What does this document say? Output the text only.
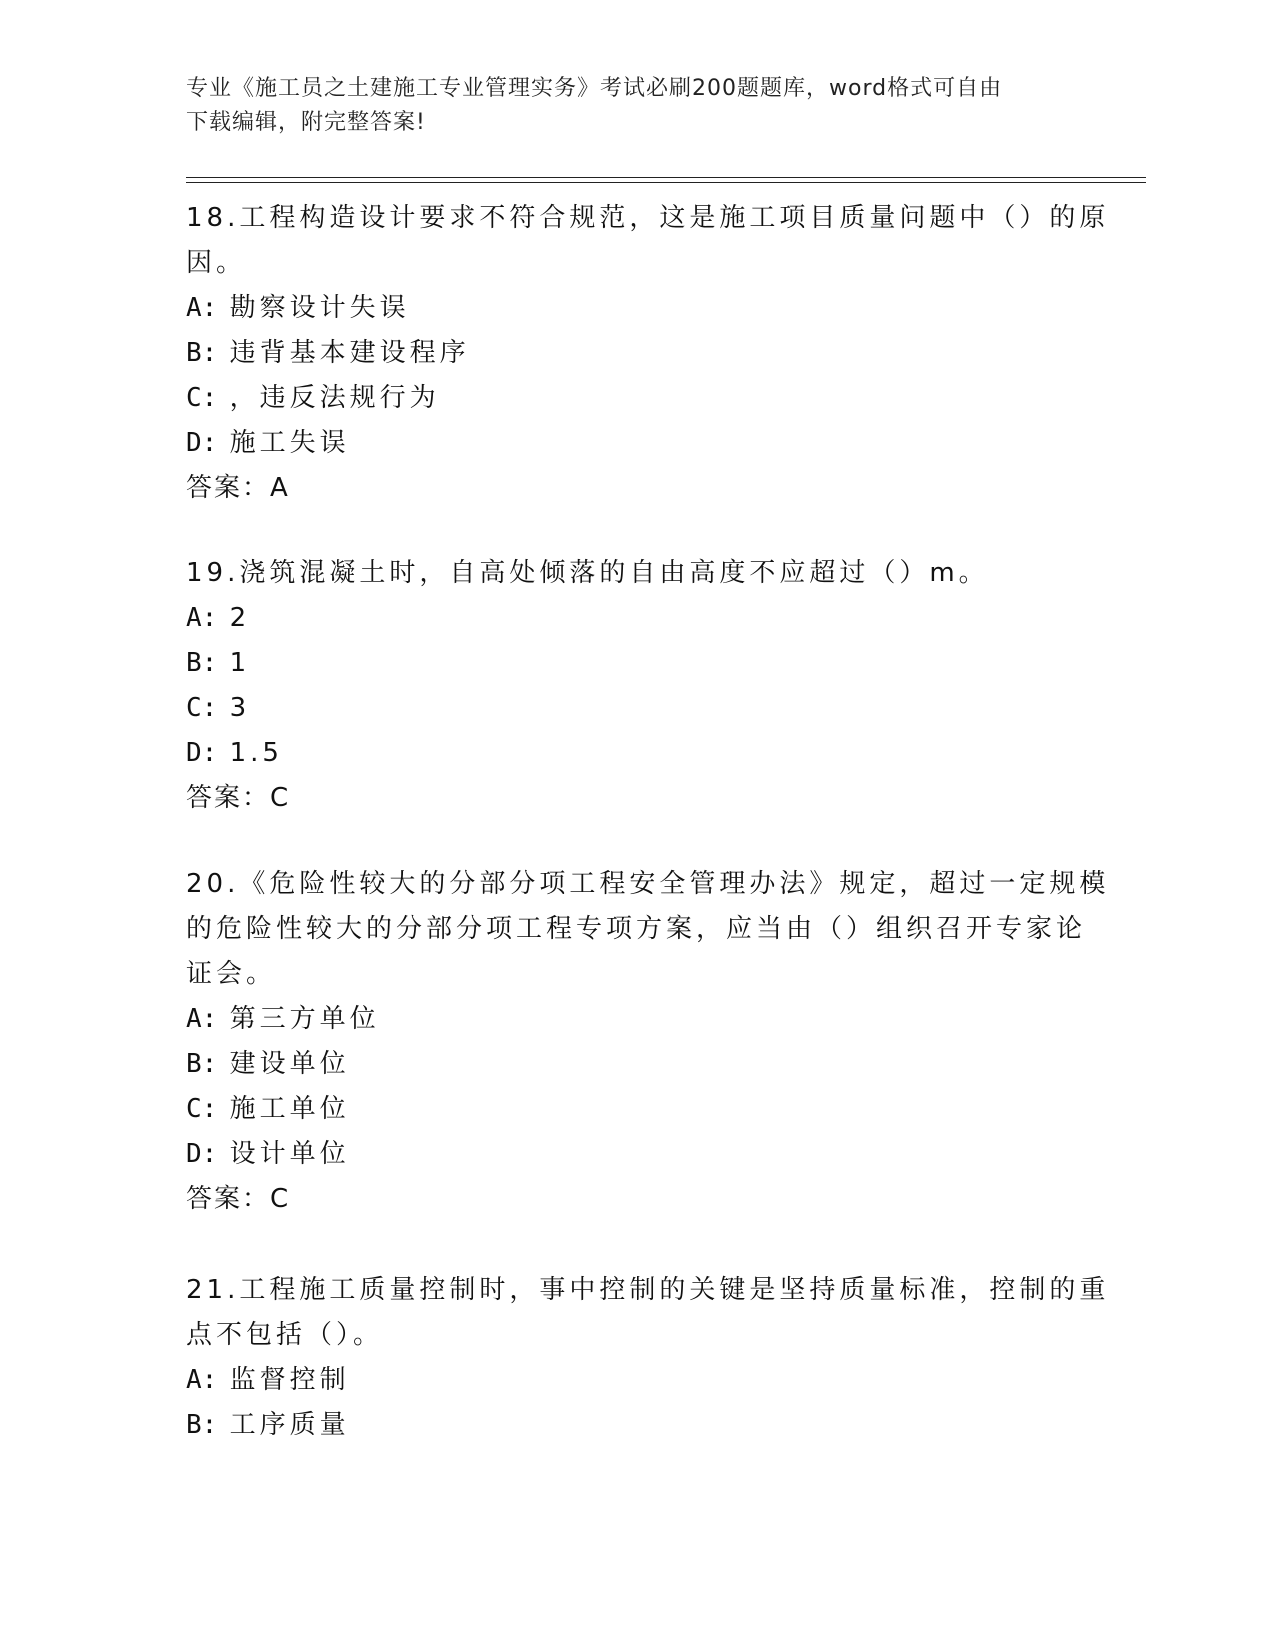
专业《施工员之土建施工专业管理实务》考试必刷200题题库，word格式可自由
下载编辑，附完整答案!
18.工程构造设计要求不符合规范，这是施工项目质量问题中（）的原
因。
A: 勘察设计失误
B: 违背基本建设程序
C: ，违反法规行为
D: 施工失误
答案：A
19.浇筑混凝土时，自高处倾落的自由高度不应超过（）m。
A: 2
B: 1
C: 3
D: 1.5
答案：C
20.《危险性较大的分部分项工程安全管理办法》规定，超过一定规模
的危险性较大的分部分项工程专项方案，应当由（）组织召开专家论
证会。
A: 第三方单位
B: 建设单位
C: 施工单位
D: 设计单位
答案：C
21.工程施工质量控制时，事中控制的关键是坚持质量标准，控制的重
点不包括（）。
A: 监督控制
B: 工序质量
